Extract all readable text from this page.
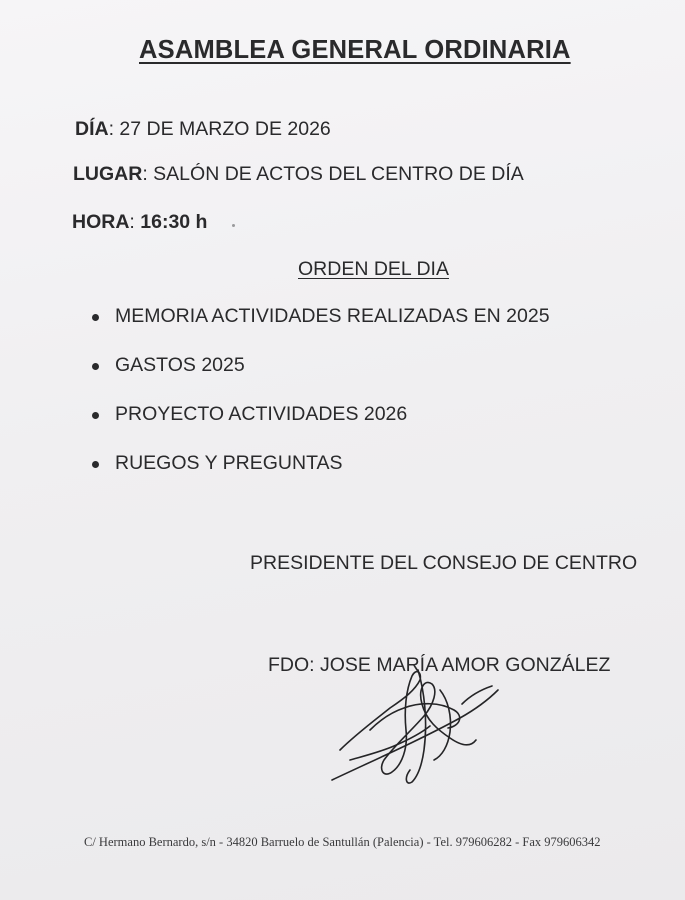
ASAMBLEA GENERAL ORDINARIA
DÍA: 27 DE MARZO DE 2026
LUGAR: SALÓN DE ACTOS DEL CENTRO DE DÍA
HORA: 16:30 h
ORDEN DEL DIA
MEMORIA ACTIVIDADES REALIZADAS EN 2025
GASTOS 2025
PROYECTO ACTIVIDADES 2026
RUEGOS Y PREGUNTAS
PRESIDENTE DEL CONSEJO DE CENTRO
FDO: JOSE MARÍA AMOR GONZÁLEZ
C/ Hermano Bernardo, s/n - 34820 Barruelo de Santullán (Palencia) - Tel. 979606282 - Fax 979606342
